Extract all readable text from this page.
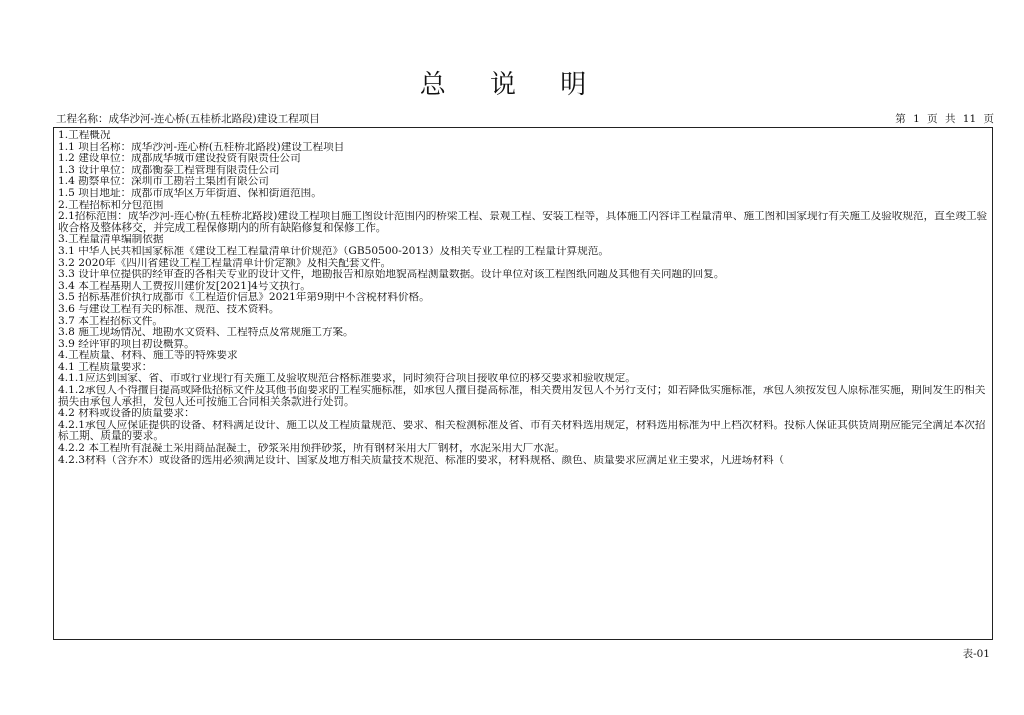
总 说 明
工程名称：成华沙河-连心桥(五桂桥北路段)建设工程项目	第 1 页 共 11 页
1.工程概况
1.1 项目名称：成华沙河-连心桥(五桂桥北路段)建设工程项目
1.2 建设单位：成都成华城市建设投资有限责任公司
1.3 设计单位：成都衡泰工程管理有限责任公司
1.4 勘察单位：深圳市工勘岩土集团有限公司
1.5 项目地址：成都市成华区万年街道、保和街道范围。
2.工程招标和分包范围
2.1招标范围：成华沙河-连心桥(五桂桥北路段)建设工程项目施工图设计范围内的桥梁工程、景观工程、安装工程等，具体施工内容详工程量清单、施工图和国家现行有关施工及验收规范，直至竣工验收合格及整体移交，并完成工程保修期内的所有缺陷修复和保修工作。
3.工程量清单编制依据
3.1 中华人民共和国家标准《建设工程工程量清单计价规范》（GB50500-2013）及相关专业工程的工程量计算规范。
3.2 2020年《四川省建设工程工程量清单计价定额》及相关配套文件。
3.3 设计单位提供的经审查的各相关专业的设计文件，地勘报告和原始地貌高程测量数据。设计单位对该工程图纸问题及其他有关问题的回复。
3.4 本工程基期人工费按川建价发[2021]4号文执行。
3.5 招标基准价执行成都市《工程造价信息》2021年第9期中不含税材料价格。
3.6 与建设工程有关的标准、规范、技术资料。
3.7 本工程招标文件。
3.8 施工现场情况、地勘水文资料、工程特点及常规施工方案。
3.9 经评审的项目初设概算。
4.工程质量、材料、施工等的特殊要求
4.1 工程质量要求：
4.1.1应达到国家、省、市或行业现行有关施工及验收规范合格标准要求，同时须符合项目接收单位的移交要求和验收规定。
4.1.2承包人不得擅自提高或降低招标文件及其他书面要求的工程实施标准，如承包人擅自提高标准，相关费用发包人不另行支付；如若降低实施标准，承包人须按发包人原标准实施，期间发生的相关损失由承包人承担，发包人还可按施工合同相关条款进行处罚。
4.2 材料或设备的质量要求：
4.2.1承包人应保证提供的设备、材料满足设计、施工以及工程质量规范、要求、相关检测标准及省、市有关材料选用规定，材料选用标准为中上档次材料。投标人保证其供货周期应能完全满足本次招标工期、质量的要求。
4.2.2 本工程所有混凝土采用商品混凝土，砂浆采用预拌砂浆，所有钢材采用大厂钢材，水泥采用大厂水泥。
4.2.3材料（含乔木）或设备的选用必须满足设计、国家及地方相关质量技术规范、标准的要求，材料规格、颜色、质量要求应满足业主要求，凡进场材料（
表-01
